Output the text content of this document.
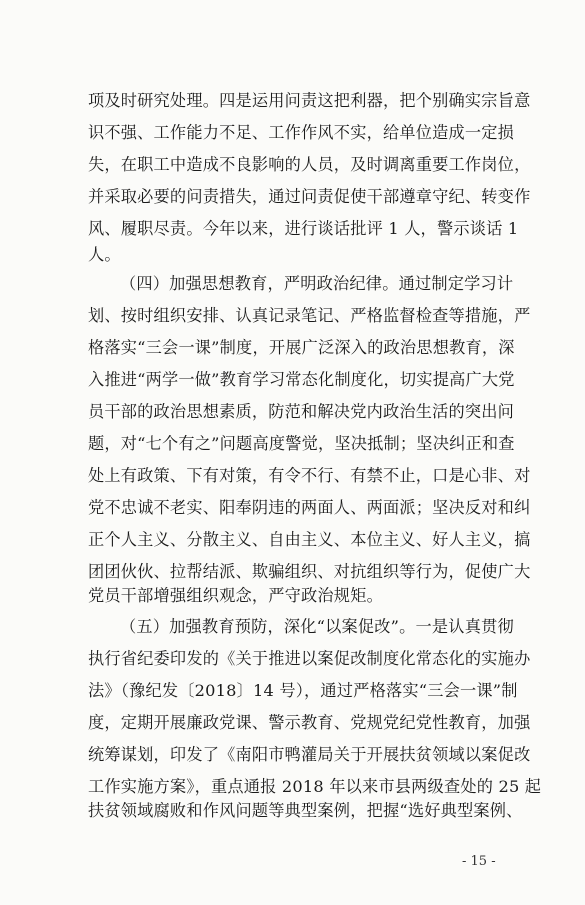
项及时研究处理。四是运用问责这把利器，把个别确实宗旨意
识不强、工作能力不足、工作作风不实，给单位造成一定损
失，在职工中造成不良影响的人员，及时调离重要工作岗位，
并采取必要的问责措失，通过问责促使干部遵章守纪、转变作
风、履职尽责。今年以来，进行谈话批评 1 人，警示谈话 1
人。
（四）加强思想教育，严明政治纪律。通过制定学习计
划、按时组织安排、认真记录笔记、严格监督检查等措施，严
格落实“三会一课”制度，开展广泛深入的政治思想教育，深
入推进“两学一做”教育学习常态化制度化，切实提高广大党
员干部的政治思想素质，防范和解决党内政治生活的突出问
题，对“七个有之”问题高度警觉，坚决抵制；坚决纠正和查
处上有政策、下有对策，有令不行、有禁不止，口是心非、对
党不忠诚不老实、阳奉阴违的两面人、两面派；坚决反对和纠
正个人主义、分散主义、自由主义、本位主义、好人主义，搞
团团伙伙、拉帮结派、欺骗组织、对抗组织等行为，促使广大
党员干部增强组织观念，严守政治规矩。
（五）加强教育预防，深化“以案促改”。一是认真贯彻
执行省纪委印发的《关于推进以案促改制度化常态化的实施办
法》（豫纪发〔2018〕14 号），通过严格落实“三会一课”制
度，定期开展廉政党课、警示教育、党规党纪党性教育，加强
统筹谋划，印发了《南阳市鸭灌局关于开展扶贫领域以案促改
工作实施方案》，重点通报 2018 年以来市县两级查处的 25 起
扶贫领域腐败和作风问题等典型案例，把握“选好典型案例、
- 15 -
